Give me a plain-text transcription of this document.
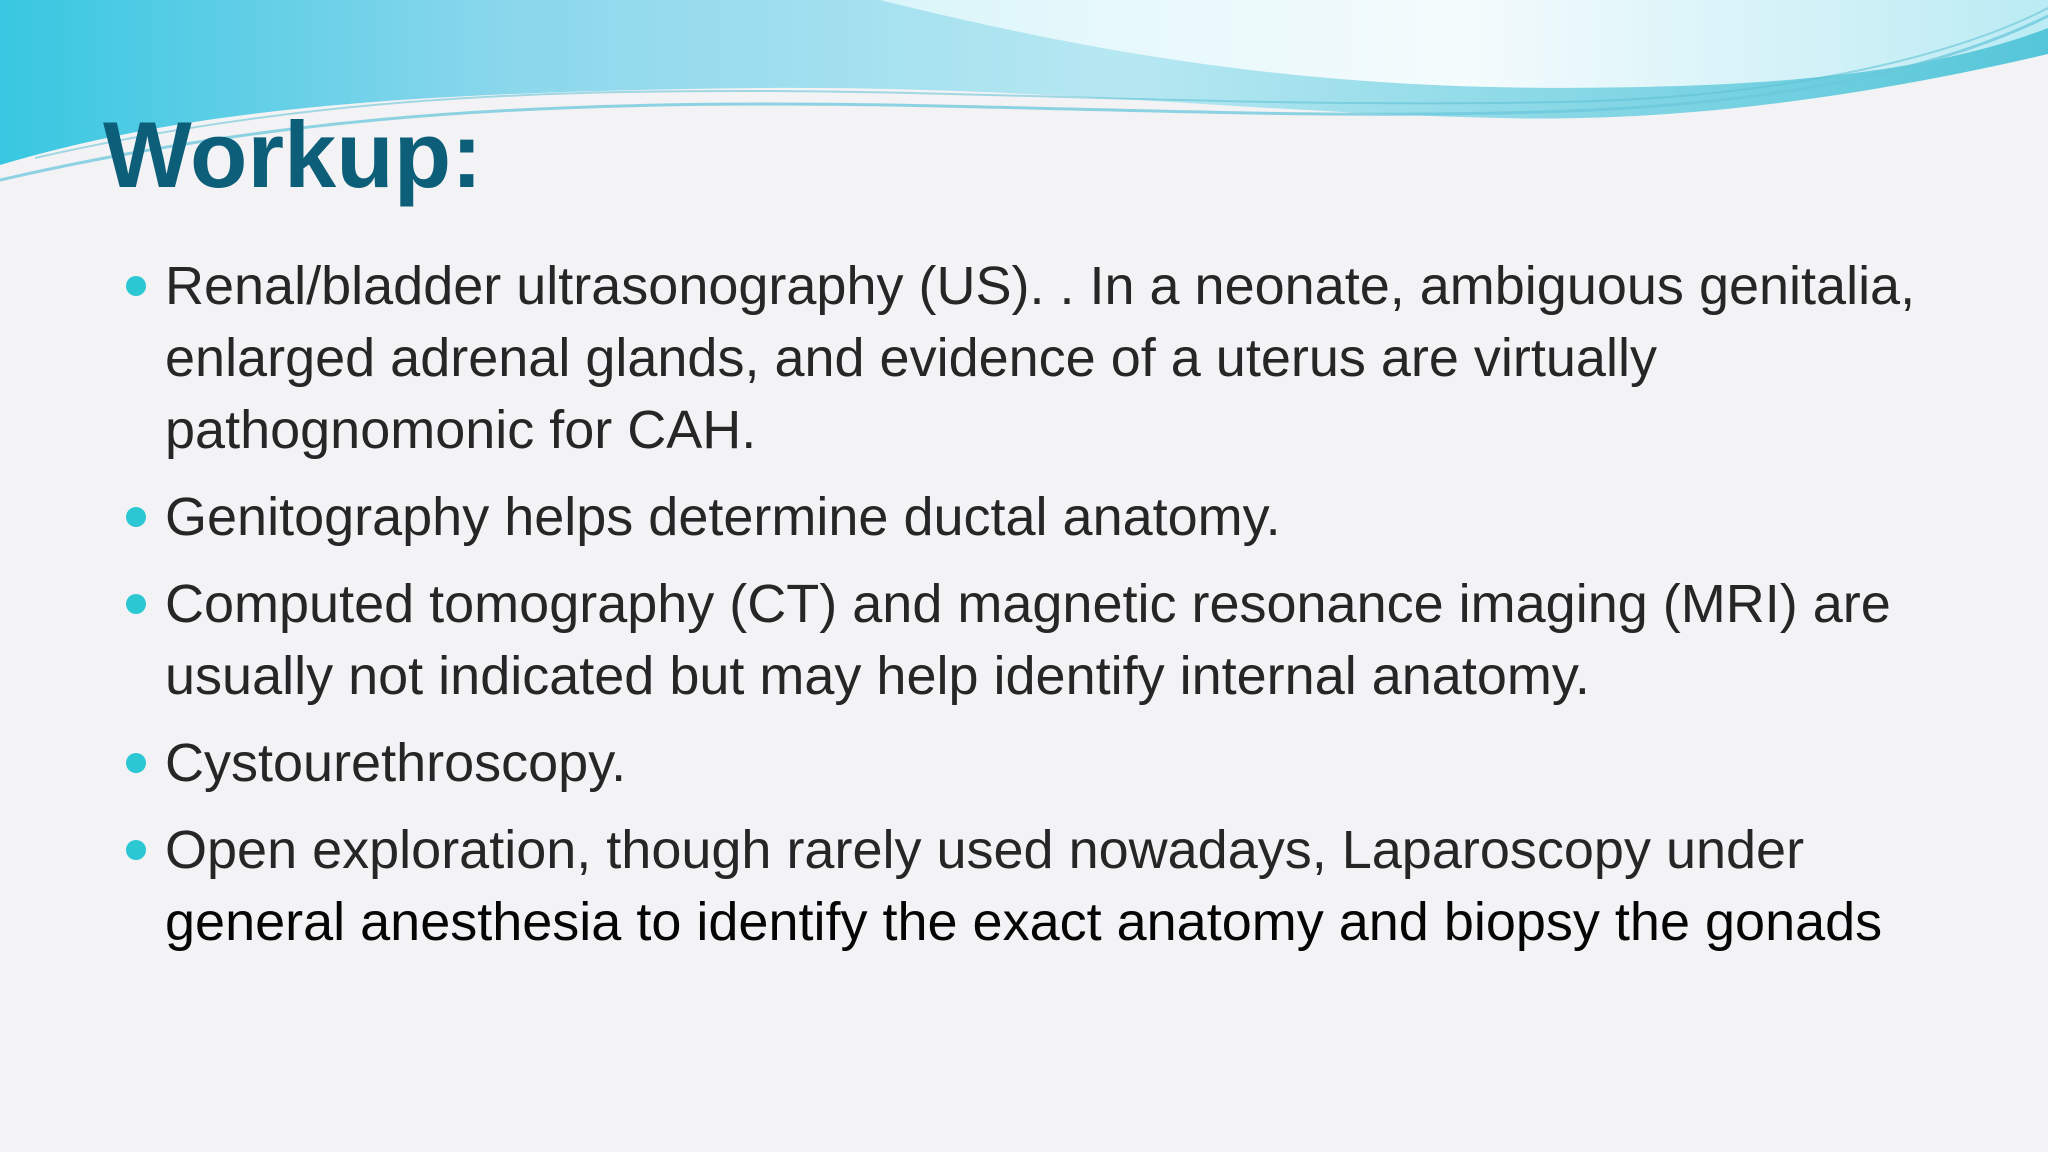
Workup:
Renal/bladder ultrasonography (US). . In a neonate, ambiguous genitalia, enlarged adrenal glands, and evidence of a uterus are virtually pathognomonic for CAH.
Genitography helps determine ductal anatomy.
Computed tomography (CT) and magnetic resonance imaging (MRI) are usually not indicated but may help identify internal anatomy.
Cystourethroscopy.
Open exploration, though rarely used nowadays, Laparoscopy under general anesthesia to identify the exact anatomy and biopsy the gonads
